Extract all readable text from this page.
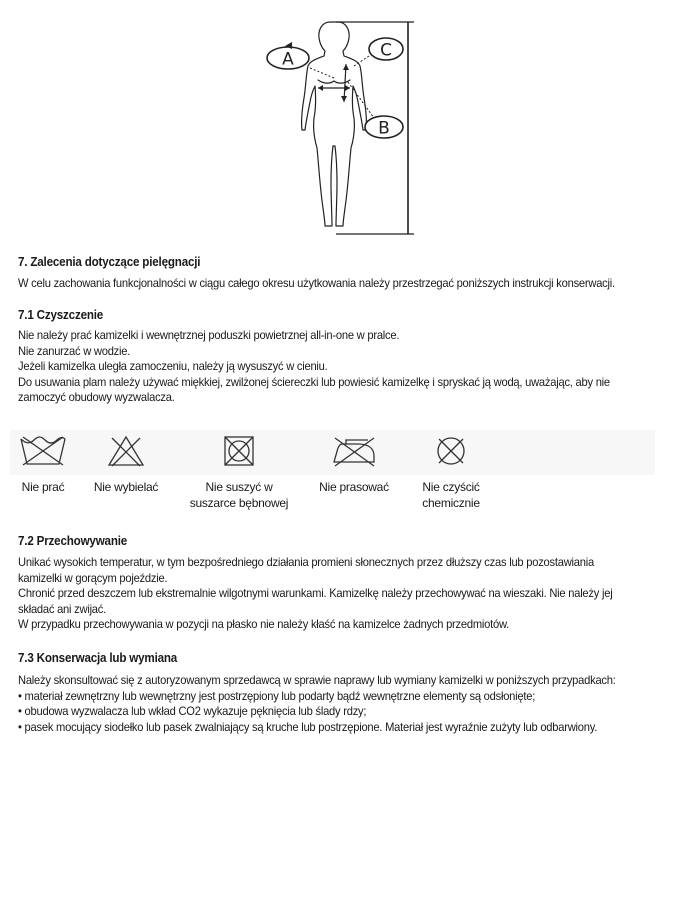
A	C
B
7. Zalecenia dotyczące pielęgnacji

W celu zachowania funkcjonalności w ciągu całego okresu użytkowania należy przestrzegać poniższych instrukcji konserwacji.

7.1 Czyszczenie

Nie należy prać kamizelki i wewnętrznej poduszki powietrznej all-in-one w pralce.
Nie zanurzać w wodzie.
Jeżeli kamizelka uległa zamoczeniu, należy ją wysuszyć w cieniu.
Do usuwania plam należy używać miękkiej, zwilżonej ściereczki lub powiesić kamizelkę i spryskać ją wodą, uważając, aby nie
zamoczyć obudowy wyzwalacza.

Nie prać	Nie wybielać	Nie suszyć w
suszarce bębnowej
Nie prasować	Nie czyścić
chemicznie
7.2 Przechowywanie

Unikać wysokich temperatur, w tym bezpośredniego działania promieni słonecznych przez dłuższy czas lub pozostawiania
kamizelki w gorącym pojeździe.
Chronić przed deszczem lub ekstremalnie wilgotnymi warunkami. Kamizelkę należy przechowywać na wieszaki. Nie należy jej
składać ani zwijać.
W przypadku przechowywania w pozycji na płasko nie należy kłaść na kamizelce żadnych przedmiotów.

7.3 Konserwacja lub wymiana

Należy skonsultować się z autoryzowanym sprzedawcą w sprawie naprawy lub wymiany kamizelki w poniższych przypadkach:
• materiał zewnętrzny lub wewnętrzny jest postrzępiony lub podarty bądź wewnętrzne elementy są odsłonięte;
• obudowa wyzwalacza lub wkład CO2 wykazuje pęknięcia lub ślady rdzy;
• pasek mocujący siodełko lub pasek zwalniający są kruche lub postrzępione. Materiał jest wyraźnie zużyty lub odbarwiony.
